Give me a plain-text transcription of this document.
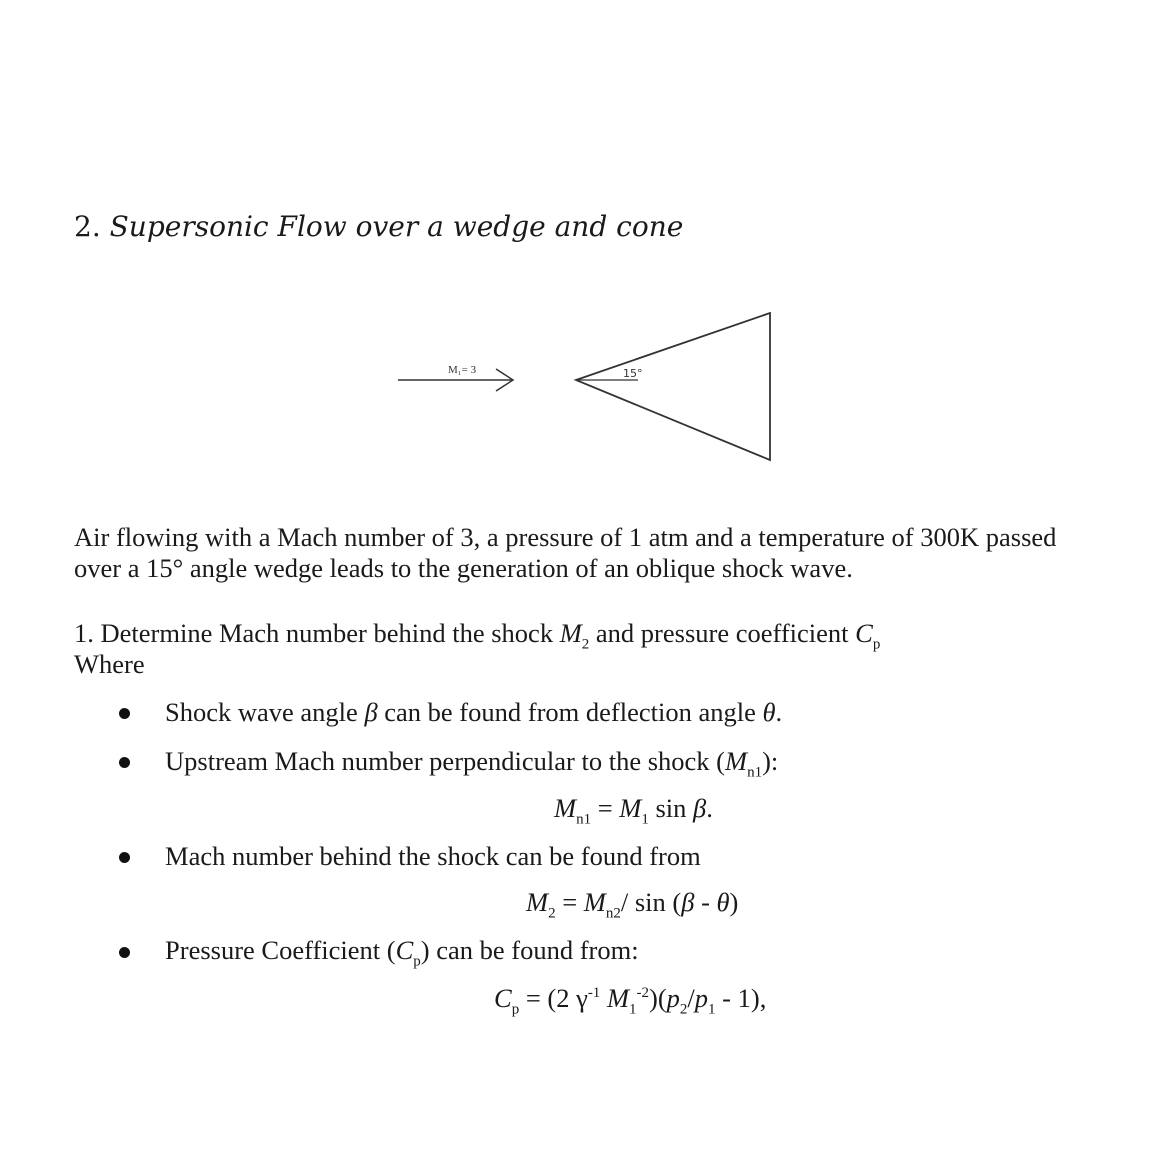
2. Supersonic Flow over a wedge and cone
M₁= 3	15°
Air flowing with a Mach number of 3, a pressure of 1 atm and a temperature of 300K passed
over a 15° angle wedge leads to the generation of an oblique shock wave.
1. Determine Mach number behind the shock $M_2$ and pressure coefficient $C_p$
Where
Shock wave angle β can be found from deflection angle θ.
Upstream Mach number perpendicular to the shock $(M_{n1})$:
$M_{n1} = M_1$ sin β.
Mach number behind the shock can be found from
$M_2 = M_{n2}/$ sin (β - θ)
Pressure Coefficient $(C_p)$ can be found from:
$C_p = (2$ $\gamma^{-1}$ $M_1^{-2})(p_2/p_1 - 1)$,
